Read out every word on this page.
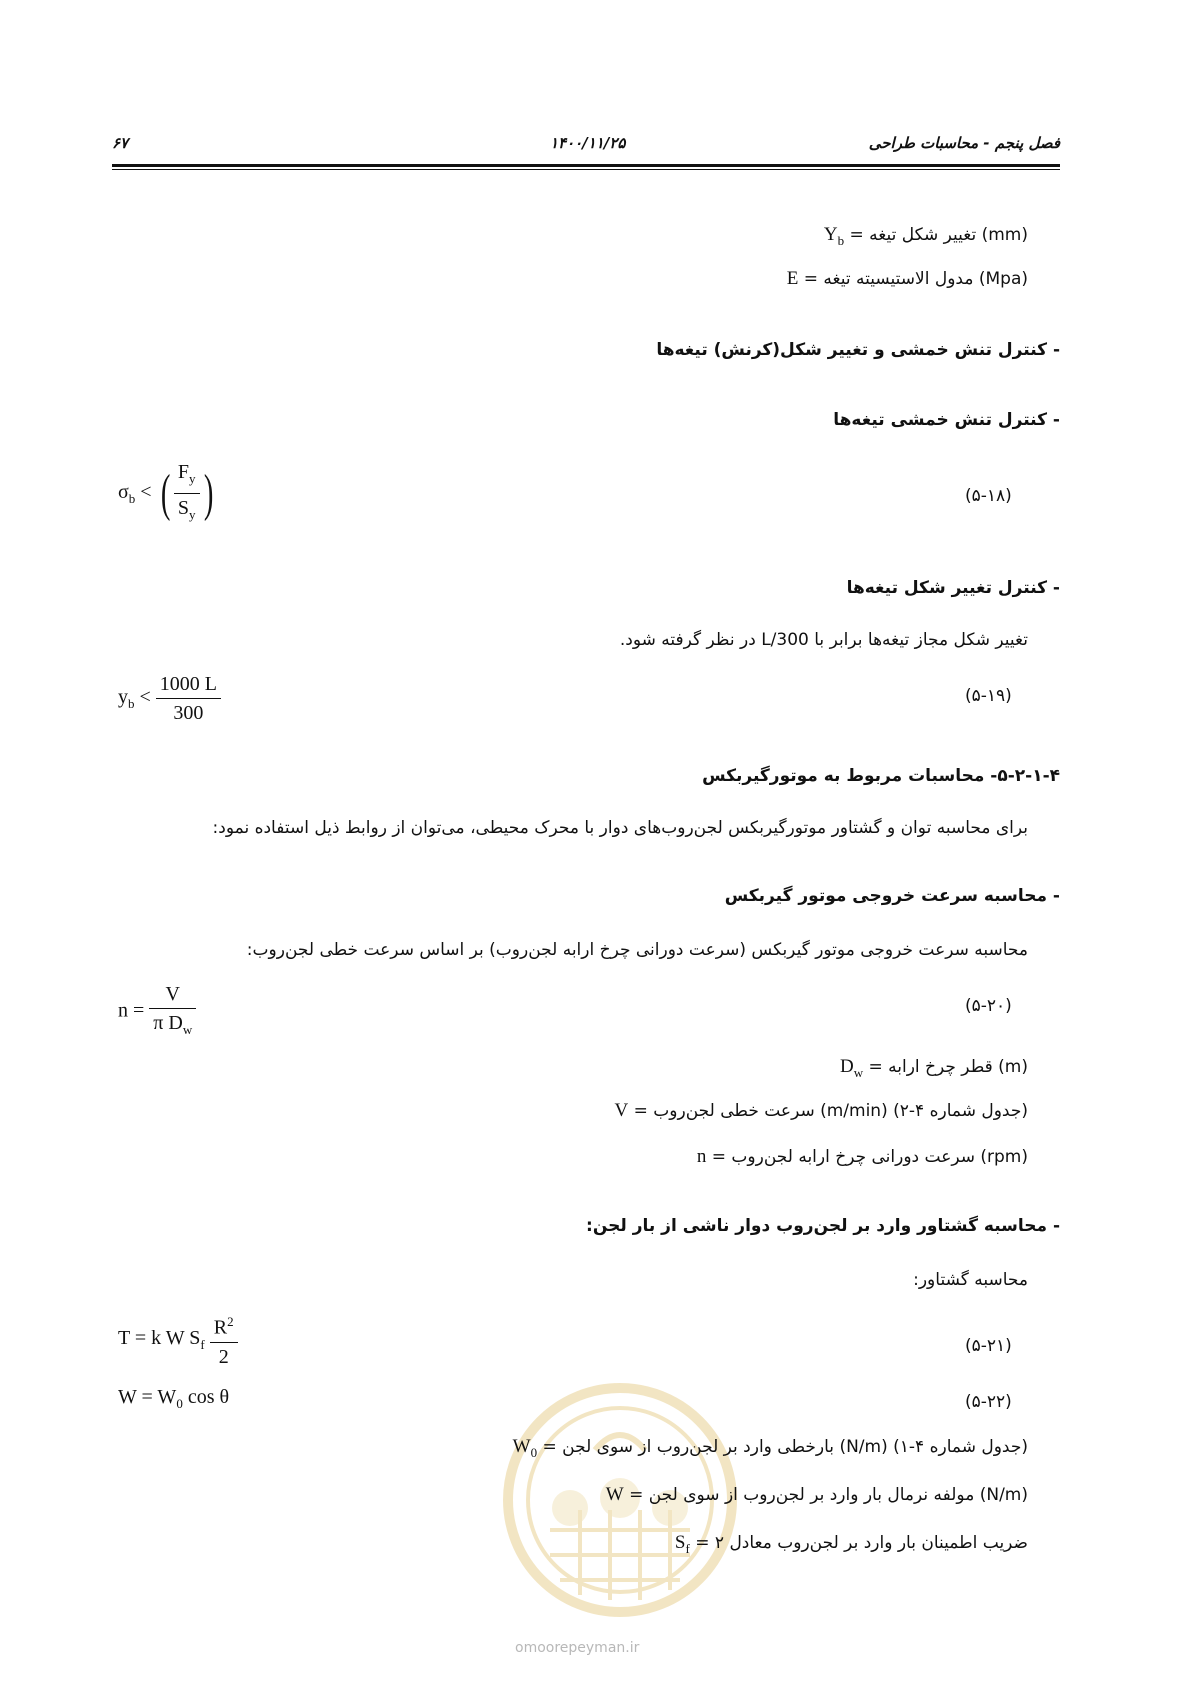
فصل پنجم - محاسبات طراحی
۱۴۰۰/۱۱/۲۵
۶۷
$Y_b$ = تغییر شکل تیغه (mm)
E = مدول الاستیسیته تیغه (Mpa)
- کنترل تنش خمشی و تغییر شکل(کرنش) تیغه‌ها
- کنترل تنش خمشی تیغه‌ها
$\sigma_b$ < ( $\frac{F_y}{S_y}$ )	(۵-۱۸)
- کنترل تغییر شکل تیغه‌ها
تغییر شکل مجاز تیغه‌ها برابر با L/300 در نظر گرفته شود.
$y_b < \frac{1000 L}{300}$	(۵-۱۹)
۵-۲-۱-۴- محاسبات مربوط به موتورگیربکس
برای محاسبه توان و گشتاور موتورگیربکس لجن‌روب‌های دوار با محرک محیطی، می‌توان از روابط ذیل استفاده نمود:
- محاسبه سرعت خروجی موتور گیربکس
محاسبه سرعت خروجی موتور گیربکس (سرعت دورانی چرخ ارابه لجن‌روب) بر اساس سرعت خطی لجن‌روب:
$n = \frac{V}{\pi D_w}$	(۵-۲۰)
$D_w$ = قطر چرخ ارابه (m)
V = سرعت خطی لجن‌روب (m/min) (جدول شماره ۴-۲)
n = سرعت دورانی چرخ ارابه لجن‌روب (rpm)
- محاسبه گشتاور وارد بر لجن‌روب دوار ناشی از بار لجن:
محاسبه گشتاور:
T = k W $S_f \frac{R^2}{2}$	(۵-۲۱)
$W = W_0$ cos θ	(۵-۲۲)
$W_0$ = بارخطی وارد بر لجن‌روب از سوی لجن (N/m) (جدول شماره ۴-۱)
W = مولفه نرمال بار وارد بر لجن‌روب از سوی لجن (N/m)
$S_f$ = ضریب اطمینان بار وارد بر لجن‌روب معادل ۲
omoorepeyman.ir
